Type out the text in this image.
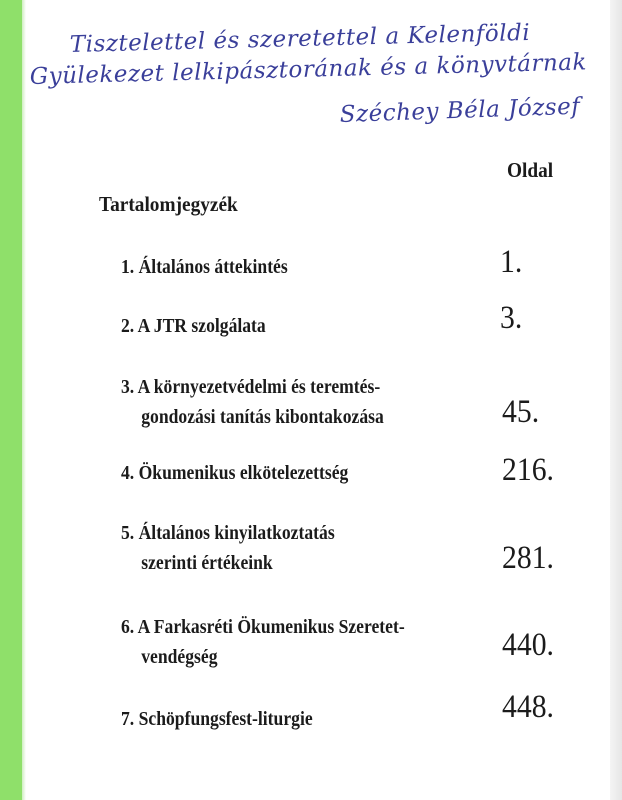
Tisztelettel és szeretettel a Kelenföldi
Gyülekezet lelkipásztorának és a könyvtárnak
Széchey Béla József
Oldal
Tartalomjegyzék
1. Általános áttekintés	1.
2. A JTR szolgálata	3.
3. A környezetvédelmi és teremtés-
gondozási tanítás kibontakozása	45.
4. Ökumenikus elkötelezettség	216.
5. Általános kinyilatkoztatás
szerinti értékeink	281.
6. A Farkasréti Ökumenikus Szeretet-
vendégség	440.
7. Schöpfungsfest-liturgie	448.
